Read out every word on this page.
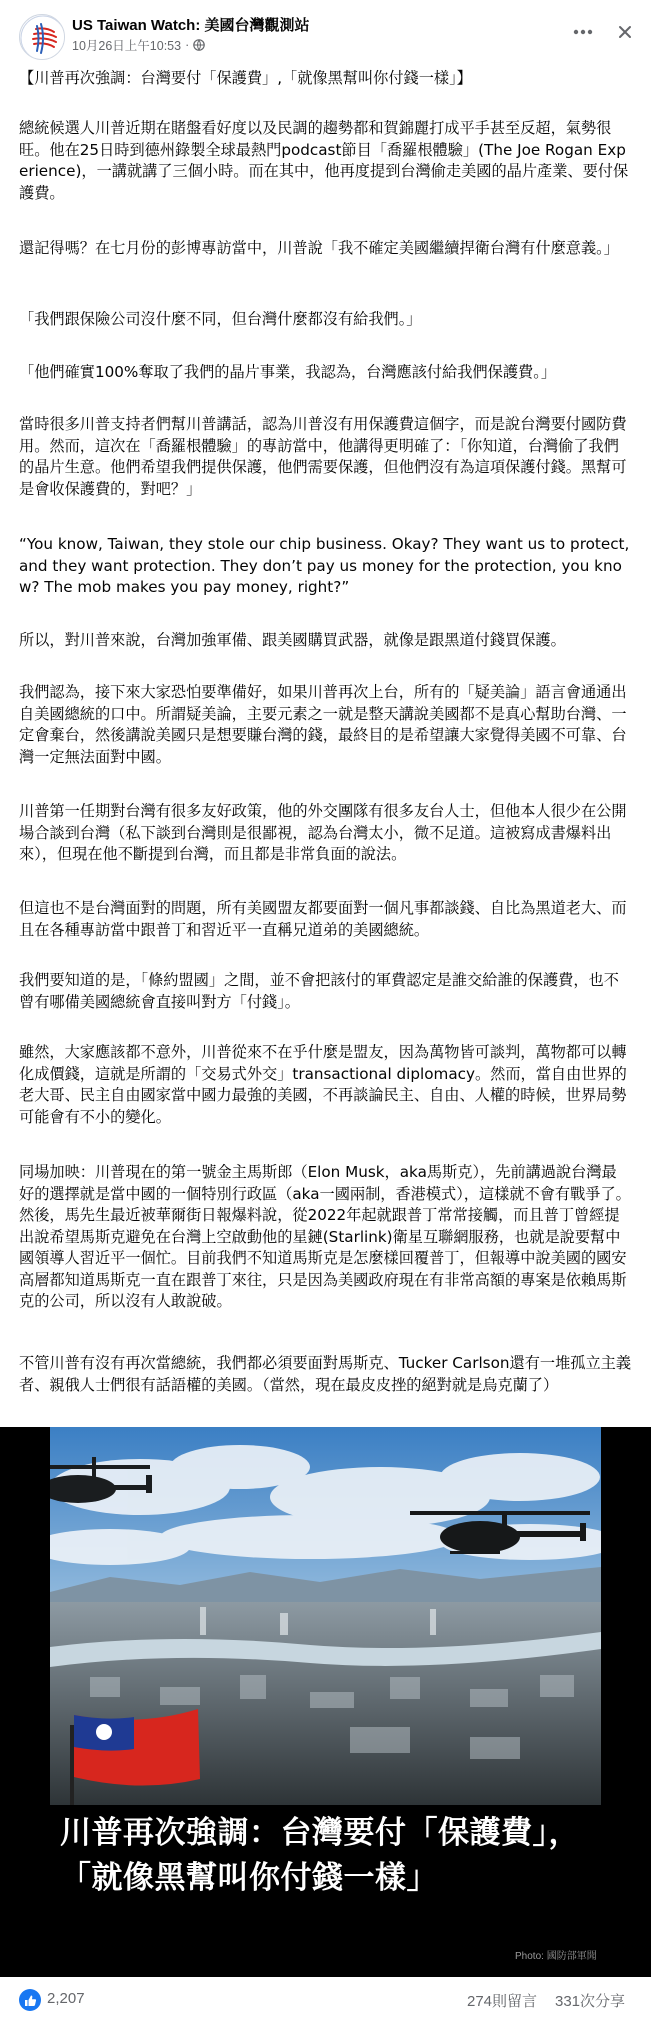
US Taiwan Watch: 美國台灣觀測站
10月26日上午10:53 ·

【川普再次強調：台灣要付「保護費」,「就像黑幫叫你付錢一樣」】

總統候選人川普近期在賭盤看好度以及民調的趨勢都和賀錦麗打成平手甚至反超，氣勢很旺。他在25日時到德州錄製全球最熱門podcast節目「喬羅根體驗」(The Joe Rogan Experience)，一講就講了三個小時。而在其中，他再度提到台灣偷走美國的晶片產業、要付保護費。

還記得嗎？在七月份的彭博專訪當中，川普說「我不確定美國繼續捍衛台灣有什麼意義。」

「我們跟保險公司沒什麼不同，但台灣什麼都沒有給我們。」

「他們確實100%奪取了我們的晶片事業，我認為，台灣應該付給我們保護費。」

當時很多川普支持者們幫川普講話，認為川普沒有用保護費這個字，而是說台灣要付國防費用。然而，這次在「喬羅根體驗」的專訪當中，他講得更明確了：「你知道，台灣偷了我們的晶片生意。他們希望我們提供保護，他們需要保護，但他們沒有為這項保護付錢。黑幫可是會收保護費的，對吧？」

“You know, Taiwan, they stole our chip business. Okay? They want us to protect, and they want protection. They don’t pay us money for the protection, you know? The mob makes you pay money, right?”

所以，對川普來說，台灣加強軍備、跟美國購買武器，就像是跟黑道付錢買保護。

我們認為，接下來大家恐怕要準備好，如果川普再次上台，所有的「疑美論」語言會通通出自美國總統的口中。所謂疑美論，主要元素之一就是整天講說美國都不是真心幫助台灣、一定會棄台，然後講說美國只是想要賺台灣的錢，最終目的是希望讓大家覺得美國不可靠、台灣一定無法面對中國。

川普第一任期對台灣有很多友好政策，他的外交團隊有很多友台人士，但他本人很少在公開場合談到台灣（私下談到台灣則是很鄙視，認為台灣太小，微不足道。這被寫成書爆料出來），但現在他不斷提到台灣，而且都是非常負面的說法。

但這也不是台灣面對的問題，所有美國盟友都要面對一個凡事都談錢、自比為黑道老大、而且在各種專訪當中跟普丁和習近平一直稱兄道弟的美國總統。

我們要知道的是，「條約盟國」之間，並不會把該付的軍費認定是誰交給誰的保護費，也不曾有哪備美國總統會直接叫對方「付錢」。

雖然，大家應該都不意外，川普從來不在乎什麼是盟友，因為萬物皆可談判，萬物都可以轉化成價錢，這就是所謂的「交易式外交」transactional diplomacy。然而，當自由世界的老大哥、民主自由國家當中國力最強的美國，不再談論民主、自由、人權的時候，世界局勢可能會有不小的變化。

同場加映：川普現在的第一號金主馬斯郎（Elon Musk，aka馬斯克），先前講過說台灣最好的選擇就是當中國的一個特別行政區（aka一國兩制，香港模式），這樣就不會有戰爭了。然後，馬先生最近被華爾街日報爆料說，從2022年起就跟普丁常常接觸，而且普丁曾經提出說希望馬斯克避免在台灣上空啟動他的星鏈(Starlink)衛星互聯網服務，也就是說要幫中國領導人習近平一個忙。目前我們不知道馬斯克是怎麼樣回覆普丁，但報導中說美國的國安高層都知道馬斯克一直在跟普丁來往，只是因為美國政府現在有非常高額的專案是依賴馬斯克的公司，所以沒有人敢說破。

不管川普有沒有再次當總統，我們都必須要面對馬斯克、Tucker Carlson還有一堆孤立主義者、親俄人士們很有話語權的美國。（當然，現在最皮皮挫的絕對就是烏克蘭了）

川普再次強調：台灣要付「保護費」，「就像黑幫叫你付錢一樣」
Photo: 國防部軍聞
2,207	274則留言 331次分享
